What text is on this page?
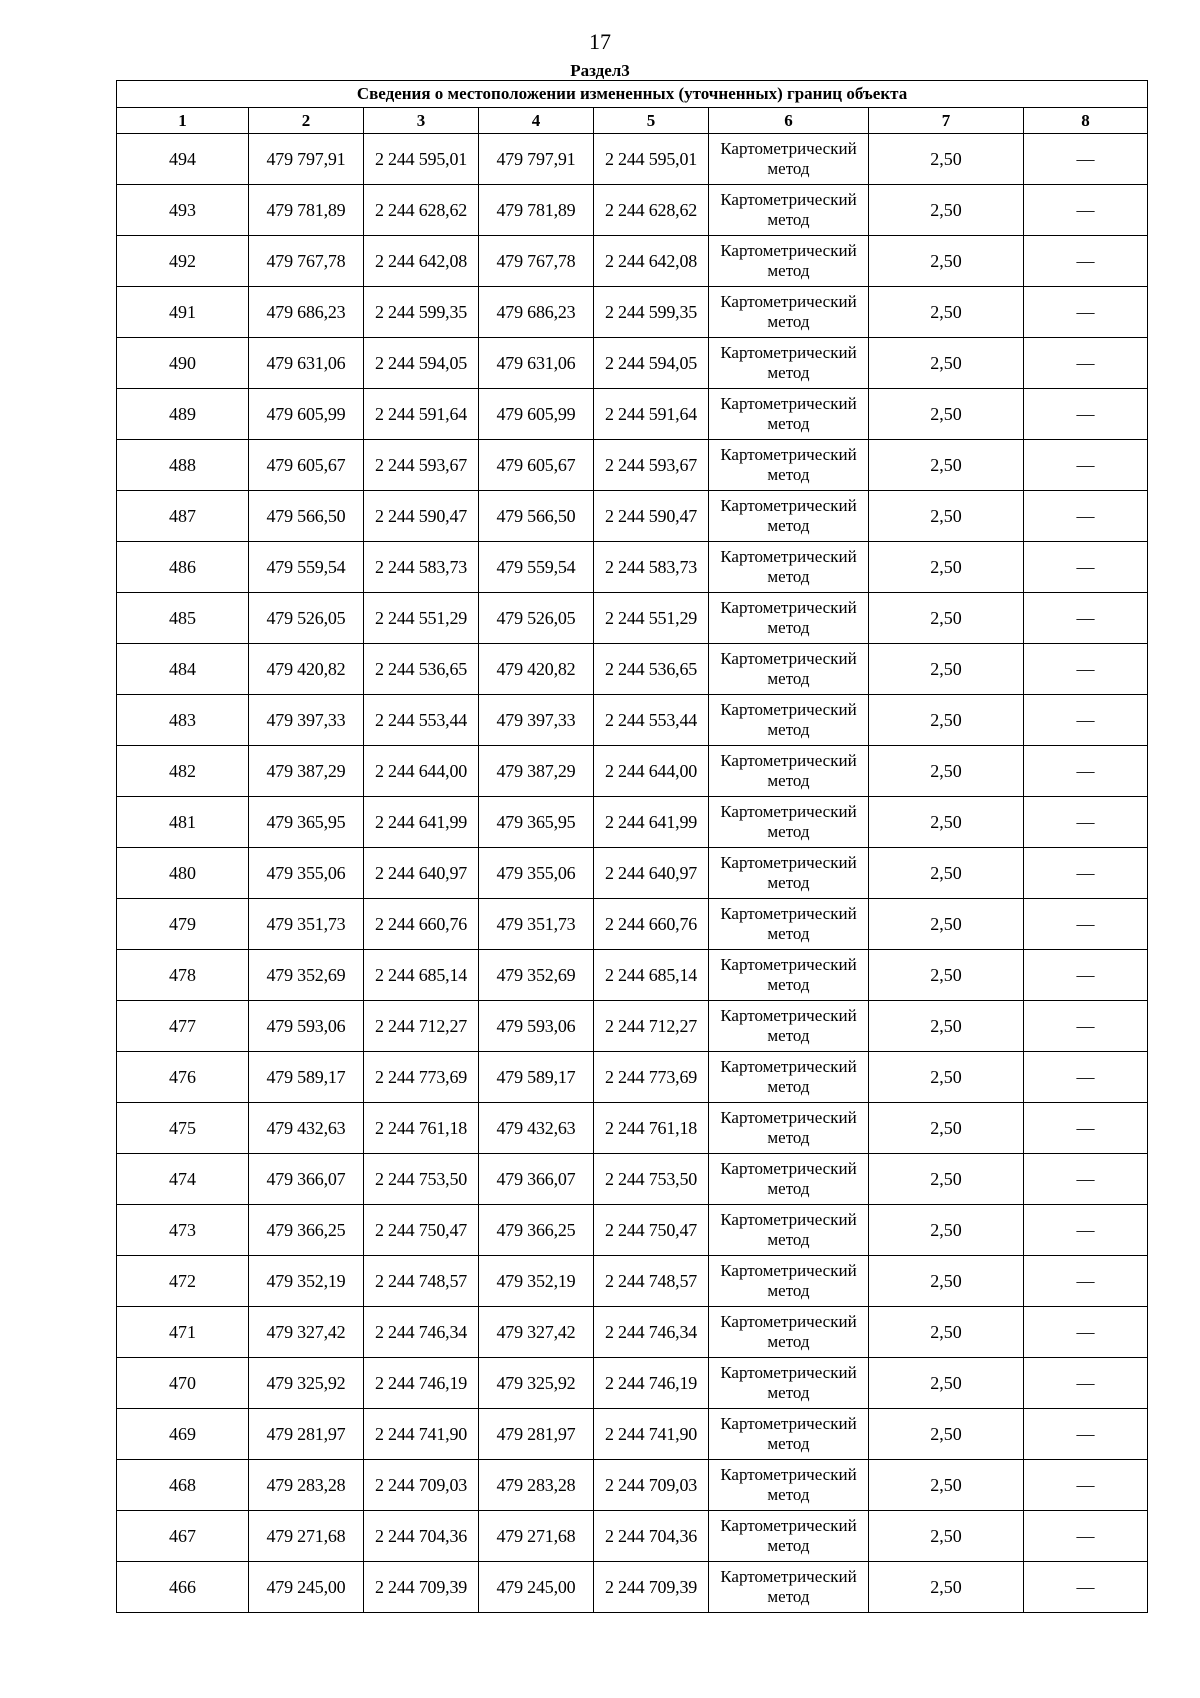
17
Раздел3
Сведения о местоположении измененных (уточненных) границ объекта							
1	2	3	4	5	6	7	8
494	479 797,91	2 244 595,01	479 797,91	2 244 595,01	Картометрический метод	2,50	—
493	479 781,89	2 244 628,62	479 781,89	2 244 628,62	Картометрический метод	2,50	—
492	479 767,78	2 244 642,08	479 767,78	2 244 642,08	Картометрический метод	2,50	—
491	479 686,23	2 244 599,35	479 686,23	2 244 599,35	Картометрический метод	2,50	—
490	479 631,06	2 244 594,05	479 631,06	2 244 594,05	Картометрический метод	2,50	—
489	479 605,99	2 244 591,64	479 605,99	2 244 591,64	Картометрический метод	2,50	—
488	479 605,67	2 244 593,67	479 605,67	2 244 593,67	Картометрический метод	2,50	—
487	479 566,50	2 244 590,47	479 566,50	2 244 590,47	Картометрический метод	2,50	—
486	479 559,54	2 244 583,73	479 559,54	2 244 583,73	Картометрический метод	2,50	—
485	479 526,05	2 244 551,29	479 526,05	2 244 551,29	Картометрический метод	2,50	—
484	479 420,82	2 244 536,65	479 420,82	2 244 536,65	Картометрический метод	2,50	—
483	479 397,33	2 244 553,44	479 397,33	2 244 553,44	Картометрический метод	2,50	—
482	479 387,29	2 244 644,00	479 387,29	2 244 644,00	Картометрический метод	2,50	—
481	479 365,95	2 244 641,99	479 365,95	2 244 641,99	Картометрический метод	2,50	—
480	479 355,06	2 244 640,97	479 355,06	2 244 640,97	Картометрический метод	2,50	—
479	479 351,73	2 244 660,76	479 351,73	2 244 660,76	Картометрический метод	2,50	—
478	479 352,69	2 244 685,14	479 352,69	2 244 685,14	Картометрический метод	2,50	—
477	479 593,06	2 244 712,27	479 593,06	2 244 712,27	Картометрический метод	2,50	—
476	479 589,17	2 244 773,69	479 589,17	2 244 773,69	Картометрический метод	2,50	—
475	479 432,63	2 244 761,18	479 432,63	2 244 761,18	Картометрический метод	2,50	—
474	479 366,07	2 244 753,50	479 366,07	2 244 753,50	Картометрический метод	2,50	—
473	479 366,25	2 244 750,47	479 366,25	2 244 750,47	Картометрический метод	2,50	—
472	479 352,19	2 244 748,57	479 352,19	2 244 748,57	Картометрический метод	2,50	—
471	479 327,42	2 244 746,34	479 327,42	2 244 746,34	Картометрический метод	2,50	—
470	479 325,92	2 244 746,19	479 325,92	2 244 746,19	Картометрический метод	2,50	—
469	479 281,97	2 244 741,90	479 281,97	2 244 741,90	Картометрический метод	2,50	—
468	479 283,28	2 244 709,03	479 283,28	2 244 709,03	Картометрический метод	2,50	—
467	479 271,68	2 244 704,36	479 271,68	2 244 704,36	Картометрический метод	2,50	—
466	479 245,00	2 244 709,39	479 245,00	2 244 709,39	Картометрический метод	2,50	—
